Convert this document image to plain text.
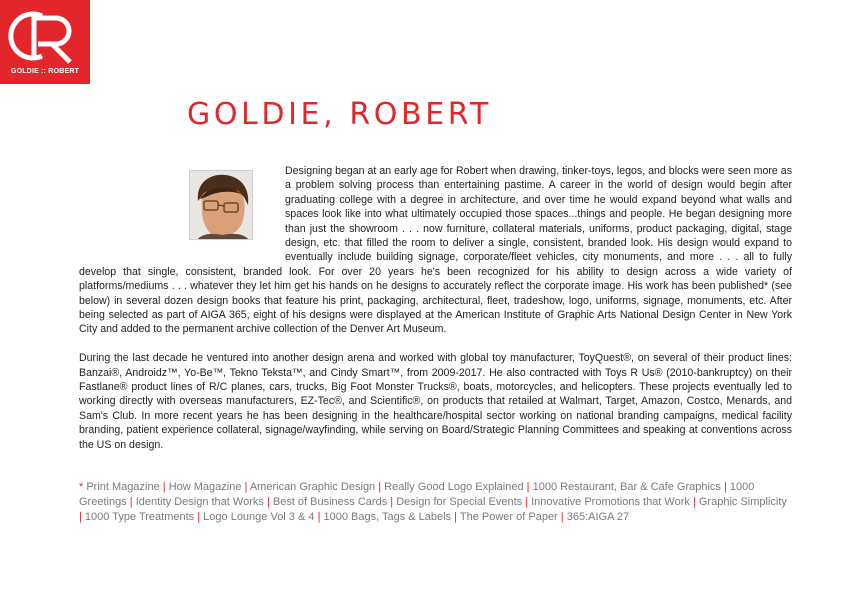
GOLDIE :: ROBERT
GOLDIE, ROBERT

Designing began at an early age for Robert when drawing, tinker-toys, legos, and blocks were seen more as a problem solving process than entertaining pastime. A career in the world of design would begin after graduating college with a degree in architecture, and over time he would expand beyond what walls and spaces look like into what ultimately occupied those spaces...things and people. He began designing more than just the showroom . . . now furniture, collateral materials, uniforms, product packaging, digital, stage design, etc. that filled the room to deliver a single, consistent, branded look. His design would expand to eventually include building signage, corporate/fleet vehicles, city monuments, and more . . . all to fully develop that single, consistent, branded look. For over 20 years he's been recognized for his ability to design across a wide variety of platforms/mediums . . . whatever they let him get his hands on he designs to accurately reflect the corporate image. His work has been published* (see below) in several dozen design books that feature his print, packaging, architectural, fleet, tradeshow, logo, uniforms, signage, monuments, etc. After being selected as part of AIGA 365, eight of his designs were displayed at the American Institute of Graphic Arts National Design Center in New York City and added to the permanent archive collection of the Denver Art Museum.

During the last decade he ventured into another design arena and worked with global toy manufacturer, ToyQuest®, on several of their product lines: Banzai®, Androidz™, Yo-Be™, Tekno Teksta™, and Cindy Smart™, from 2009-2017. He also contracted with Toys R Us® (2010-bankruptcy) on their Fastlane® product lines of R/C planes, cars, trucks, Big Foot Monster Trucks®, boats, motorcycles, and helicopters. These projects eventually led to working directly with overseas manufacturers, EZ-Tec®, and Scientific®, on products that retailed at Walmart, Target, Amazon, Costco, Menards, and Sam's Club. In more recent years he has been designing in the healthcare/hospital sector working on national branding campaigns, medical facility branding, patient experience collateral, signage/wayfinding, while serving on Board/Strategic Planning Committees and speaking at conventions across the US on design.

* Print Magazine | How Magazine | American Graphic Design | Really Good Logo Explained | 1000 Restaurant, Bar & Cafe Graphics | 1000 Greetings | Identity Design that Works | Best of Business Cards | Design for Special Events | Innovative Promotions that Work | Graphic Simplicity | 1000 Type Treatments | Logo Lounge Vol 3 & 4 | 1000 Bags, Tags & Labels | The Power of Paper | 365:AIGA 27
